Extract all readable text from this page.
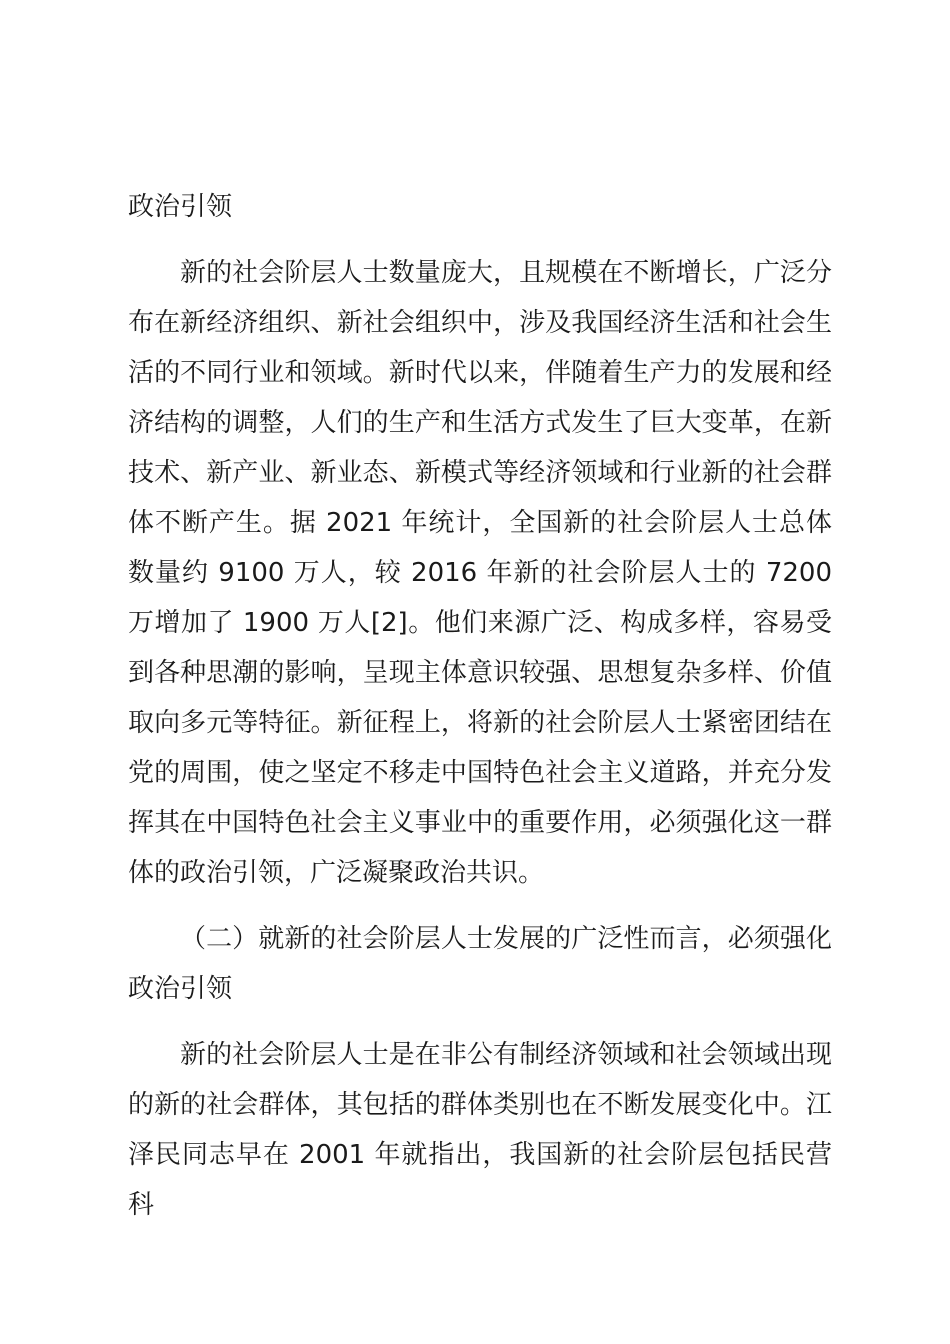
政治引领

新的社会阶层人士数量庞大，且规模在不断增长，广泛分布在新经济组织、新社会组织中，涉及我国经济生活和社会生活的不同行业和领域。新时代以来，伴随着生产力的发展和经济结构的调整，人们的生产和生活方式发生了巨大变革，在新技术、新产业、新业态、新模式等经济领域和行业新的社会群体不断产生。据 2021 年统计，全国新的社会阶层人士总体数量约 9100 万人，较 2016 年新的社会阶层人士的 7200 万增加了 1900 万人[2]。他们来源广泛、构成多样，容易受到各种思潮的影响，呈现主体意识较强、思想复杂多样、价值取向多元等特征。新征程上，将新的社会阶层人士紧密团结在党的周围，使之坚定不移走中国特色社会主义道路，并充分发挥其在中国特色社会主义事业中的重要作用，必须强化这一群体的政治引领，广泛凝聚政治共识。

（二）就新的社会阶层人士发展的广泛性而言，必须强化政治引领

新的社会阶层人士是在非公有制经济领域和社会领域出现的新的社会群体，其包括的群体类别也在不断发展变化中。江泽民同志早在 2001 年就指出，我国新的社会阶层包括民营科
